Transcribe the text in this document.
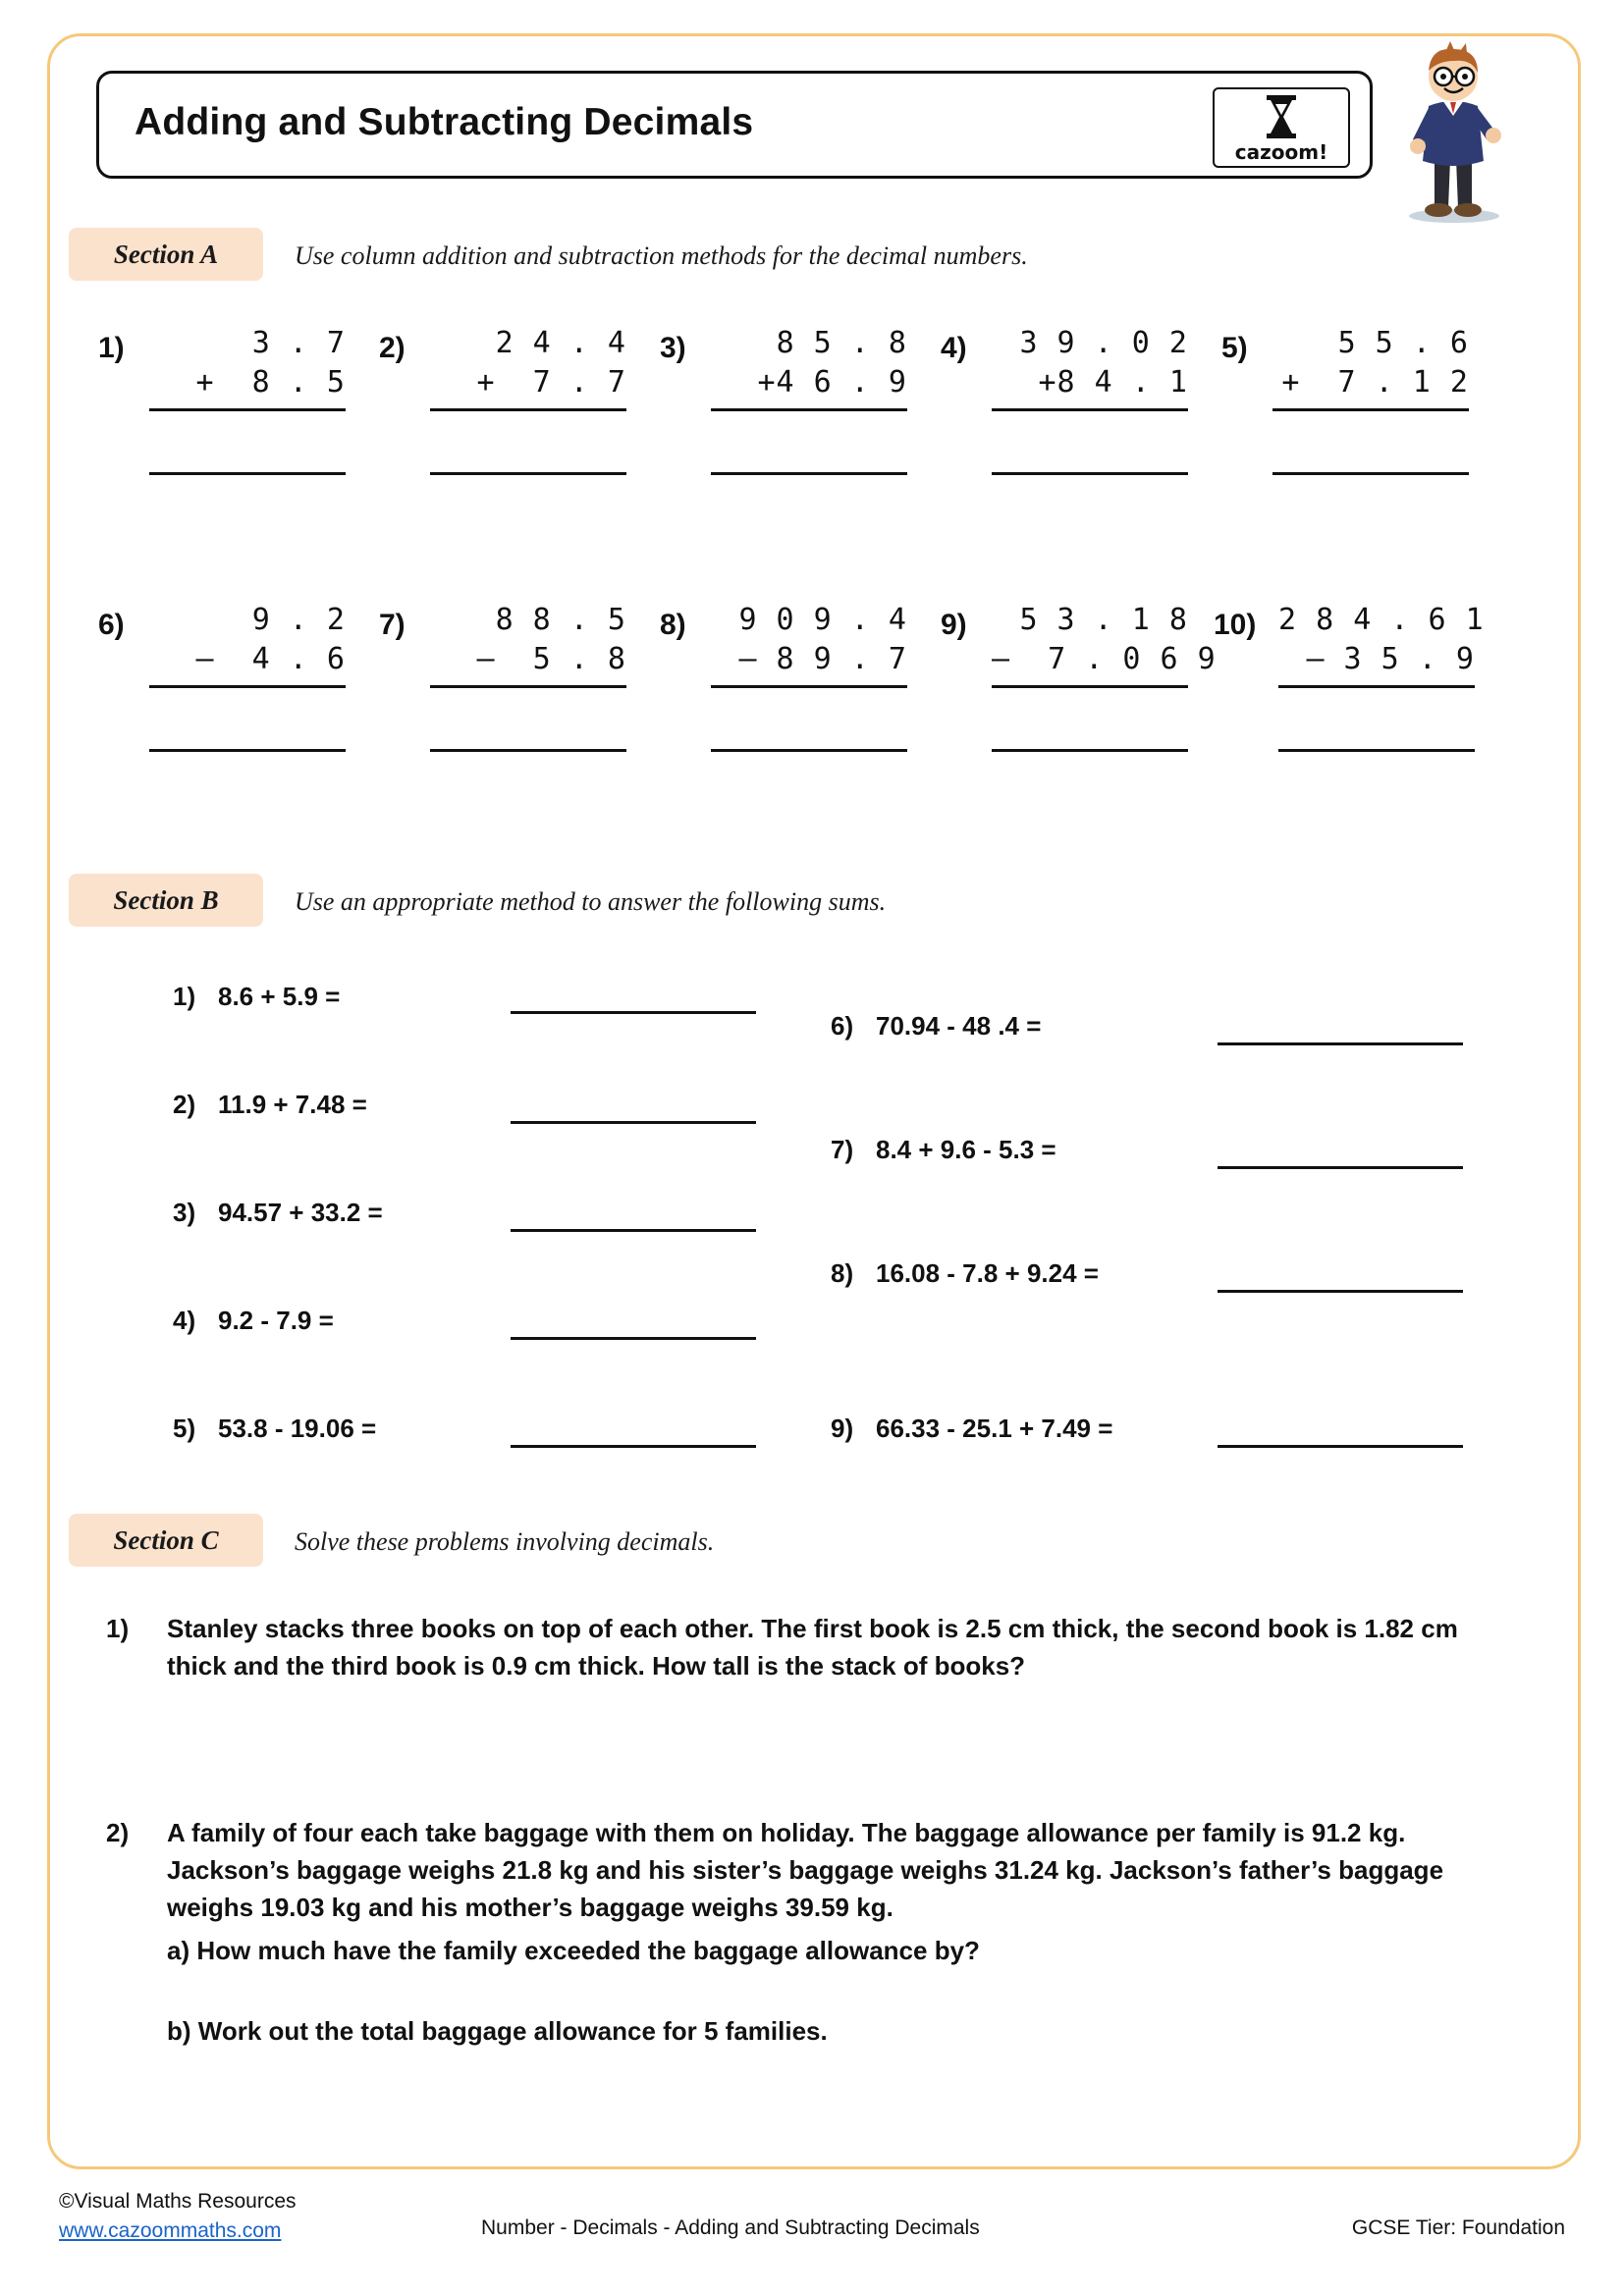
Adding and Subtracting Decimals
cazoom!
Section A	Use column addition and subtraction methods for the decimal numbers.
1)	3 . 7
+  8 . 5
2)	2 4 . 4
+  7 . 7
3)	8 5 . 8
+4 6 . 9
4)	3 9 . 0 2
+8 4 . 1
5)	5 5 . 6
+  7 . 1 2
6)	9 . 2
–  4 . 6
7)	8 8 . 5
–  5 . 8
8)	9 0 9 . 4
– 8 9 . 7
9)	5 3 . 1 8
–  7 . 0 6 9
10) 2 8 4 . 6 1
– 3 5 . 9
Section B	Use an appropriate method to answer the following sums.
1) 8.6 + 5.9 =
2) 11.9 + 7.48 =
3) 94.57 + 33.2 =
4) 9.2 - 7.9 =
5) 53.8 - 19.06 =
6) 70.94 - 48 .4 =
7) 8.4 + 9.6 - 5.3 =
8) 16.08 - 7.8 + 9.24 =
9) 66.33 - 25.1 + 7.49 =
Section C	Solve these problems involving decimals.
1) Stanley stacks three books on top of each other. The first book is 2.5 cm thick, the second book is 1.82 cm thick and the third book is 0.9 cm thick. How tall is the stack of books?
2) A family of four each take baggage with them on holiday. The baggage allowance per family is 91.2 kg. Jackson’s baggage weighs 21.8 kg and his sister’s baggage weighs 31.24 kg. Jackson’s father’s baggage weighs 19.03 kg and his mother’s baggage weighs 39.59 kg.
a) How much have the family exceeded the baggage allowance by?
b) Work out the total baggage allowance for 5 families.
©Visual Maths Resources
www.cazoommaths.com	Number - Decimals - Adding and Subtracting Decimals	GCSE Tier: Foundation
